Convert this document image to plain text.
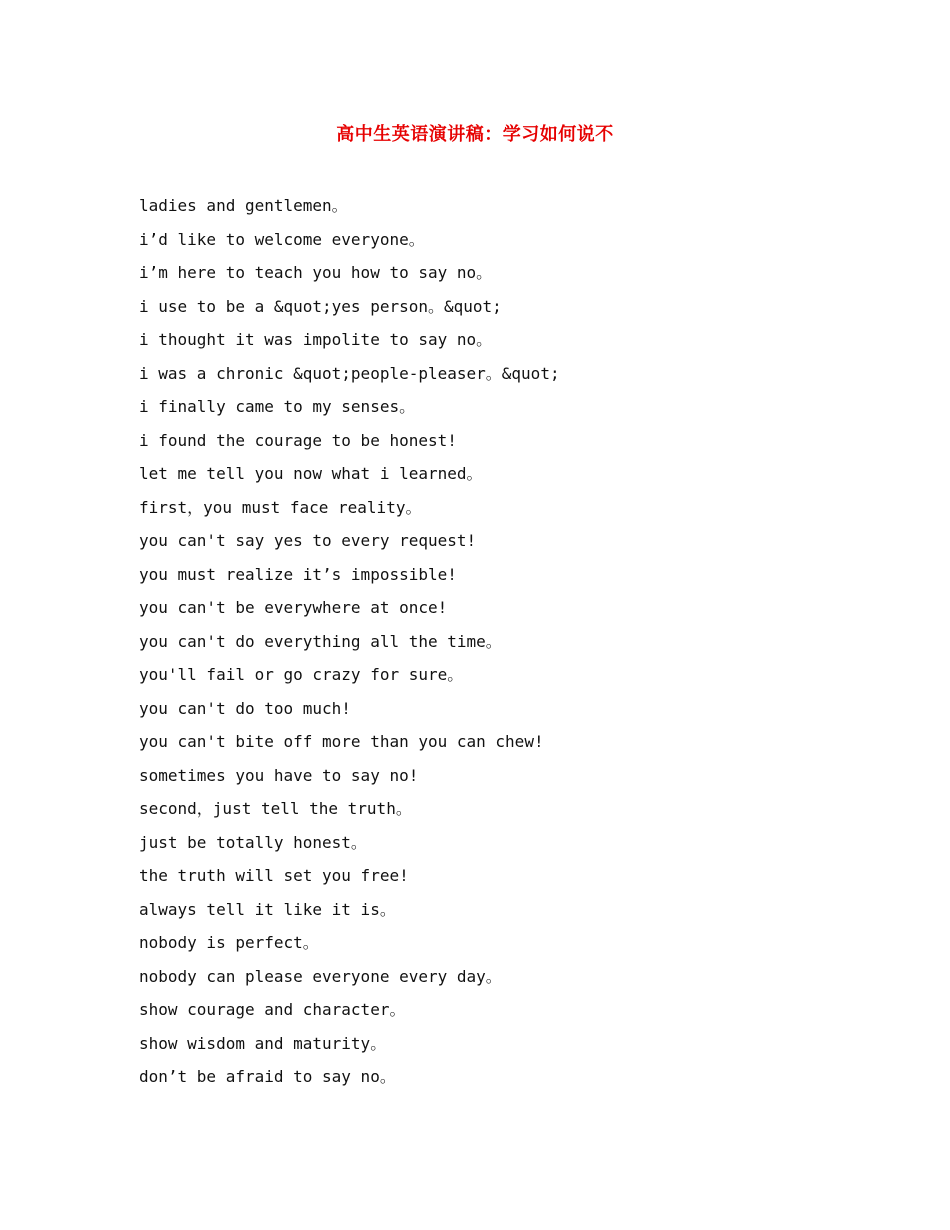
高中生英语演讲稿：学习如何说不
ladies and gentlemen。
i’d like to welcome everyone。
i’m here to teach you how to say no。
i use to be a &quot;yes person。&quot;
i thought it was impolite to say no。
i was a chronic &quot;people-pleaser。&quot;
i finally came to my senses。
i found the courage to be honest!
let me tell you now what i learned。
first，you must face reality。
you can't say yes to every request!
you must realize it’s impossible!
you can't be everywhere at once!
you can't do everything all the time。
you'll fail or go crazy for sure。
you can't do too much!
you can't bite off more than you can chew!
sometimes you have to say no!
second，just tell the truth。
just be totally honest。
the truth will set you free!
always tell it like it is。
nobody is perfect。
nobody can please everyone every day。
show courage and character。
show wisdom and maturity。
don’t be afraid to say no。
